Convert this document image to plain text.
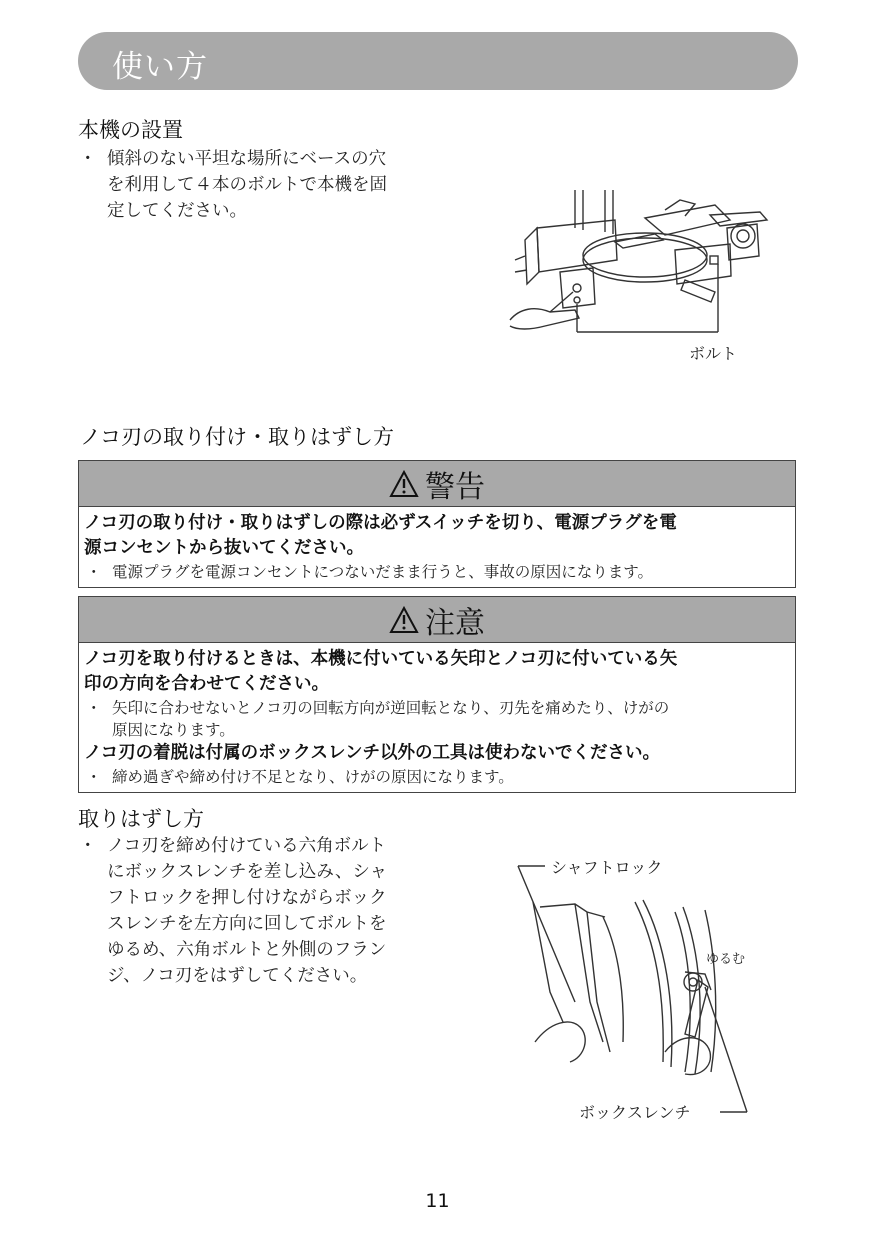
使い方
本機の設置
・ 傾斜のない平坦な場所にベースの穴
を利用して４本のボルトで本機を固
定してください。
ボルト
ノコ刃の取り付け・取りはずし方
警告
ノコ刃の取り付け・取りはずしの際は必ずスイッチを切り、電源プラグを電
源コンセントから抜いてください。
・ 電源プラグを電源コンセントにつないだまま行うと、事故の原因になります。
注意
ノコ刃を取り付けるときは、本機に付いている矢印とノコ刃に付いている矢
印の方向を合わせてください。
・ 矢印に合わせないとノコ刃の回転方向が逆回転となり、刃先を痛めたり、けがの
原因になります。
ノコ刃の着脱は付属のボックスレンチ以外の工具は使わないでください。
・ 締め過ぎや締め付け不足となり、けがの原因になります。
取りはずし方
・ ノコ刃を締め付けている六角ボルト
にボックスレンチを差し込み、シャ
フトロックを押し付けながらボック
スレンチを左方向に回してボルトを
ゆるめ、六角ボルトと外側のフラン
ジ、ノコ刃をはずしてください。
シャフトロック
ゆるむ
ボックスレンチ
11
